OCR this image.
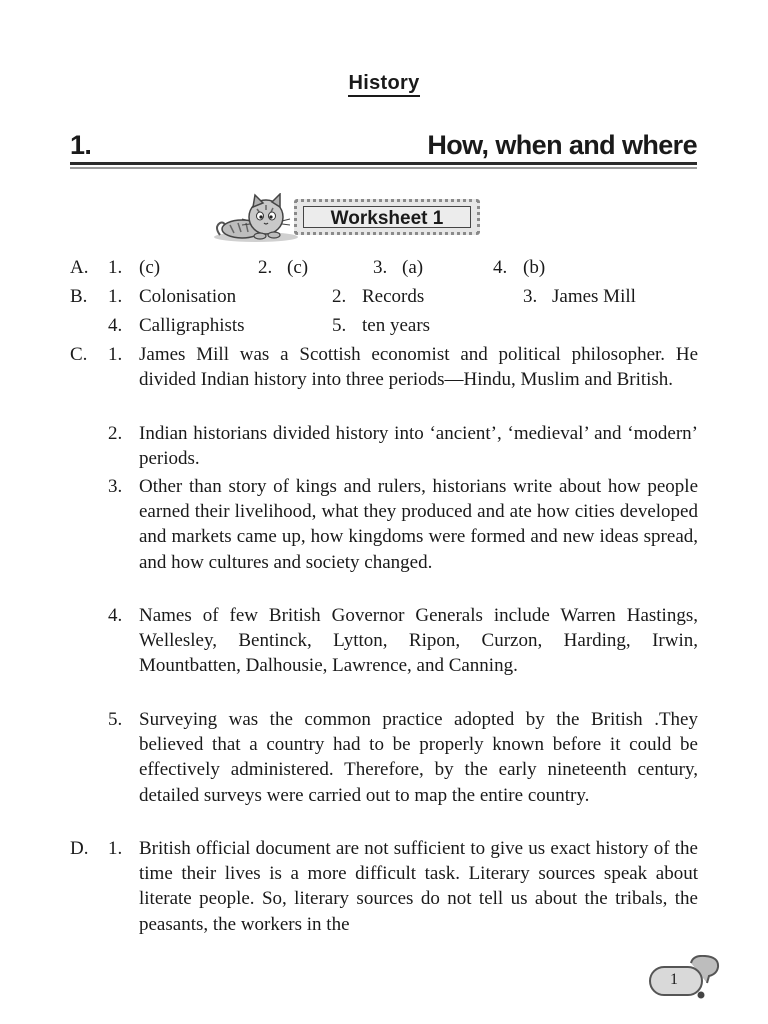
History
1.	How, when and where
Worksheet 1
A. 1. (c)	2. (c)	3. (a)	4. (b)
B. 1. Colonisation	2. Records	3. James Mill
4. Calligraphists	5. ten years
C. 1. James Mill was a Scottish economist and political philosopher. He divided Indian history into three periods—Hindu, Muslim and British.
2. Indian historians divided history into ‘ancient’, ‘medieval’ and ‘modern’ periods.
3. Other than story of kings and rulers, historians write about how people earned their livelihood, what they produced and ate how cities developed and markets came up, how kingdoms were formed and new ideas spread, and how cultures and society changed.
4. Names of few British Governor Generals include Warren Hastings, Wellesley, Bentinck, Lytton, Ripon, Curzon, Harding, Irwin, Mountbatten, Dalhousie, Lawrence, and Canning.
5. Surveying was the common practice adopted by the British .They believed that a country had to be properly known before it could be effectively administered. Therefore, by the early nineteenth century, detailed surveys were carried out to map the entire country.
D. 1. British official document are not sufficient to give us exact history of the time their lives is a more difficult task. Literary sources speak about literate people. So, literary sources do not tell us about the tribals, the peasants, the workers in the
1
